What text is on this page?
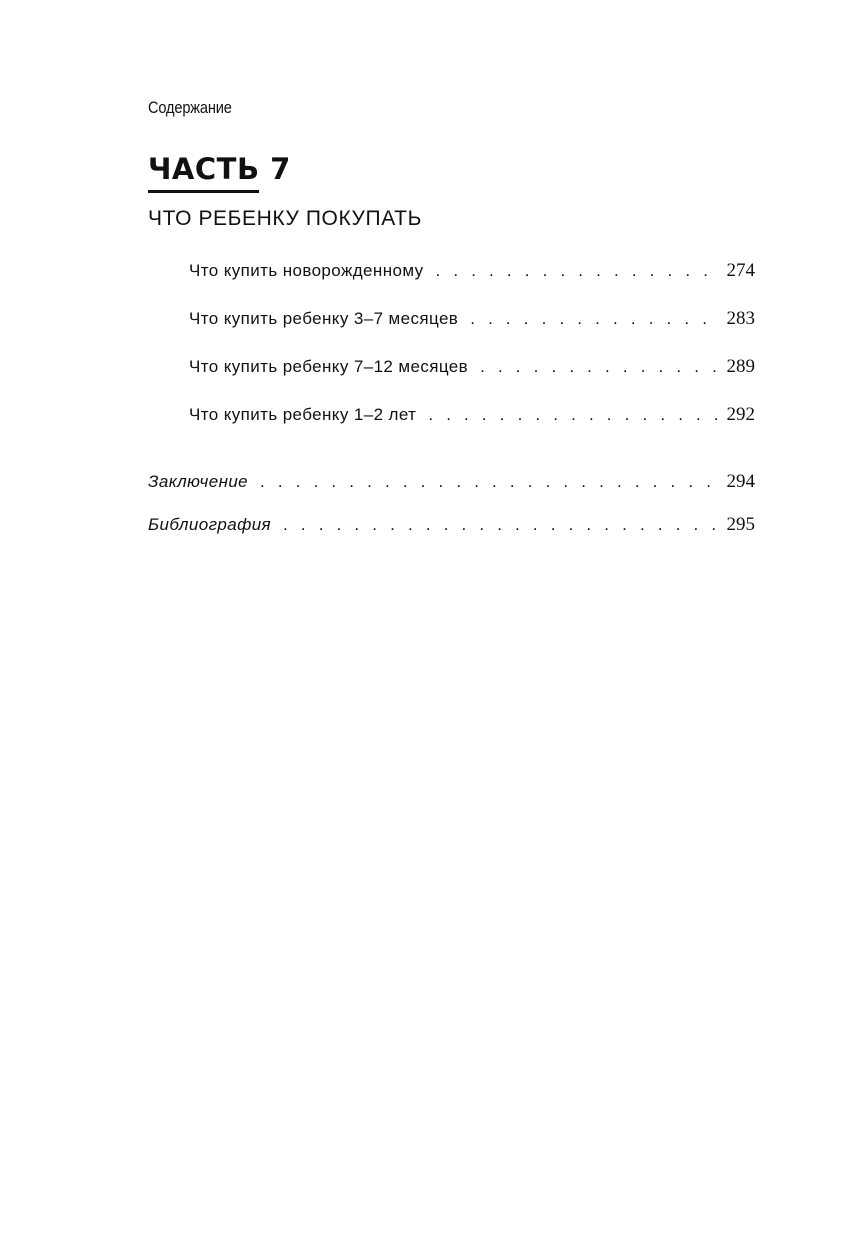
Содержание
ЧАСТЬ 7
ЧТО РЕБЕНКУ ПОКУПАТЬ
Что купить новорожденному . . .	274
Что купить ребенку 3–7 месяцев . . .	283
Что купить ребенку 7–12 месяцев . . .	289
Что купить ребенку 1–2 лет . . .	292
Заключение . . .	294
Библиография . . .	295
